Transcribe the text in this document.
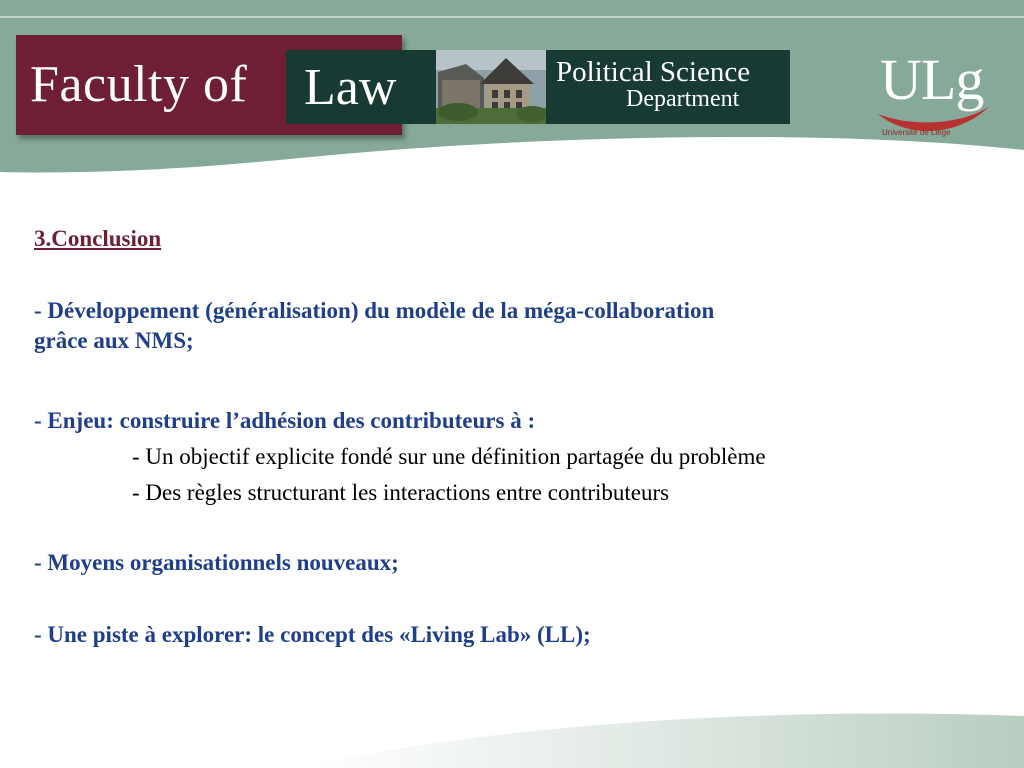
Faculty of Law	Political Science
Department ULg
Université de Liège
3.Conclusion
- Développement (généralisation) du modèle de la méga-collaboration
grâce aux NMS;
- Enjeu: construire l’adhésion des contributeurs à :
- Un objectif explicite fondé sur une définition partagée du problème
- Des règles structurant les interactions entre contributeurs
- Moyens organisationnels nouveaux;
- Une piste à explorer: le concept des «Living Lab» (LL);
